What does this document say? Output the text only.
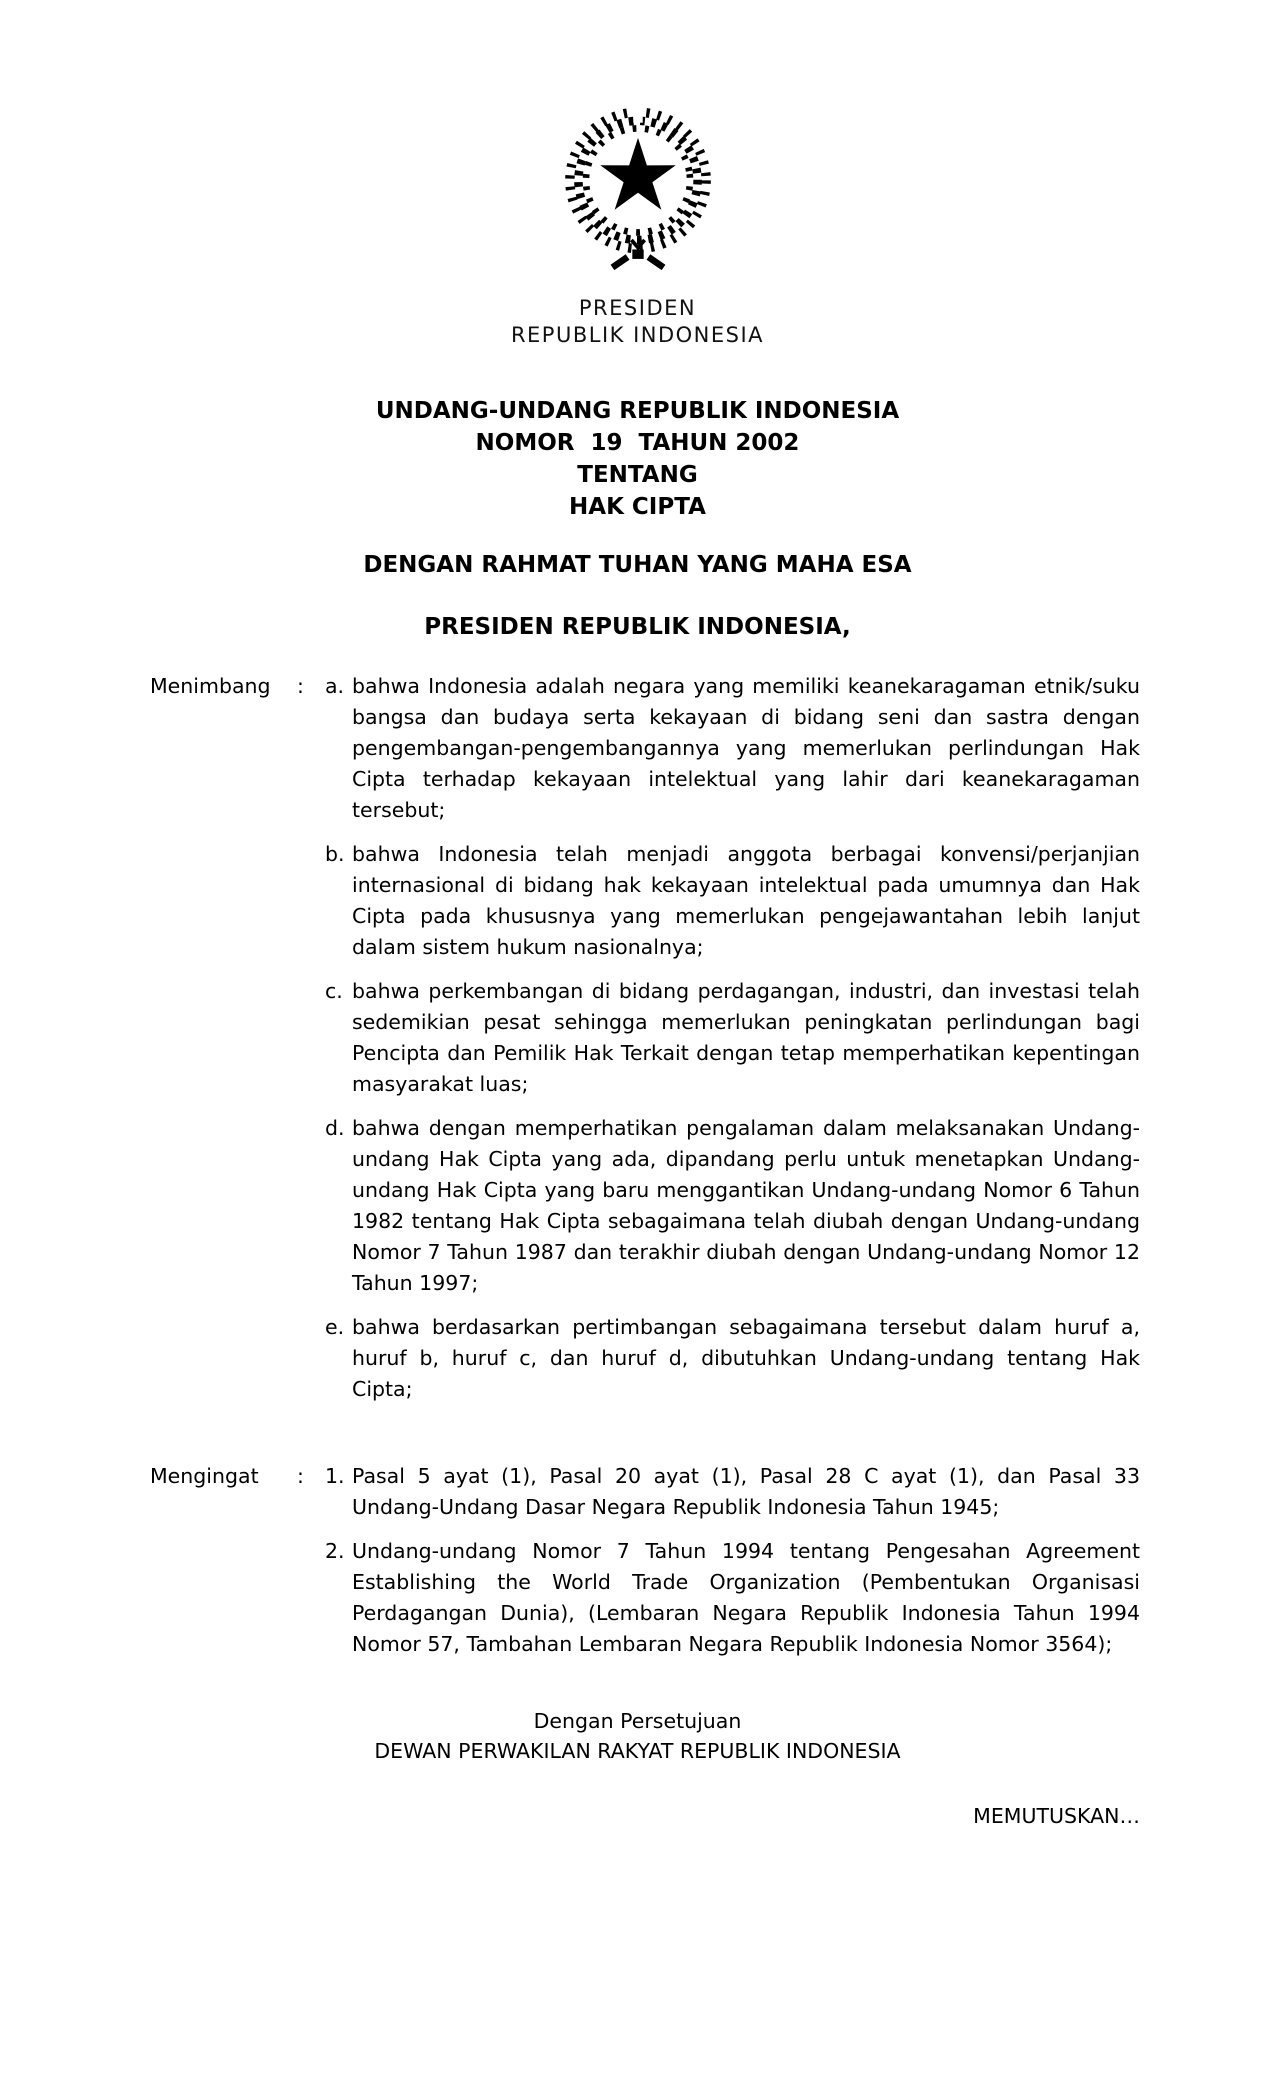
PRESIDEN
REPUBLIK INDONESIA
UNDANG-UNDANG REPUBLIK INDONESIA
NOMOR  19  TAHUN 2002
TENTANG
HAK CIPTA
DENGAN RAHMAT TUHAN YANG MAHA ESA
PRESIDEN REPUBLIK INDONESIA,
Menimbang	:	a. bahwa Indonesia adalah negara yang memiliki keanekaragaman etnik/suku bangsa dan budaya serta kekayaan di bidang seni dan sastra dengan pengembangan-pengembangannya yang memerlukan perlindungan Hak Cipta terhadap kekayaan intelektual yang lahir dari keanekaragaman tersebut;
b. bahwa Indonesia telah menjadi anggota berbagai konvensi/perjanjian internasional di bidang hak kekayaan intelektual pada umumnya dan Hak Cipta pada khususnya yang memerlukan pengejawantahan lebih lanjut dalam sistem hukum nasionalnya;
c. bahwa perkembangan di bidang perdagangan, industri, dan investasi telah sedemikian pesat sehingga memerlukan peningkatan perlindungan bagi Pencipta dan Pemilik Hak Terkait dengan tetap memperhatikan kepentingan masyarakat luas;
d. bahwa dengan memperhatikan pengalaman dalam melaksanakan Undang-undang Hak Cipta yang ada, dipandang perlu untuk menetapkan Undang-undang Hak Cipta yang baru menggantikan Undang-undang Nomor 6 Tahun 1982 tentang Hak Cipta sebagaimana telah diubah dengan Undang-undang Nomor 7 Tahun 1987 dan terakhir diubah dengan Undang-undang Nomor 12 Tahun 1997;
e. bahwa berdasarkan pertimbangan sebagaimana tersebut dalam huruf a, huruf b, huruf c, dan huruf d, dibutuhkan Undang-undang tentang Hak Cipta;
Mengingat	:	1. Pasal 5 ayat (1), Pasal 20 ayat (1), Pasal 28 C ayat (1), dan Pasal 33 Undang-Undang Dasar Negara Republik Indonesia Tahun 1945;
2. Undang-undang Nomor 7 Tahun 1994 tentang Pengesahan Agreement Establishing the World Trade Organization (Pembentukan Organisasi Perdagangan Dunia), (Lembaran Negara Republik Indonesia Tahun 1994 Nomor 57, Tambahan Lembaran Negara Republik Indonesia Nomor 3564);
Dengan Persetujuan
DEWAN PERWAKILAN RAKYAT REPUBLIK INDONESIA
MEMUTUSKAN…
